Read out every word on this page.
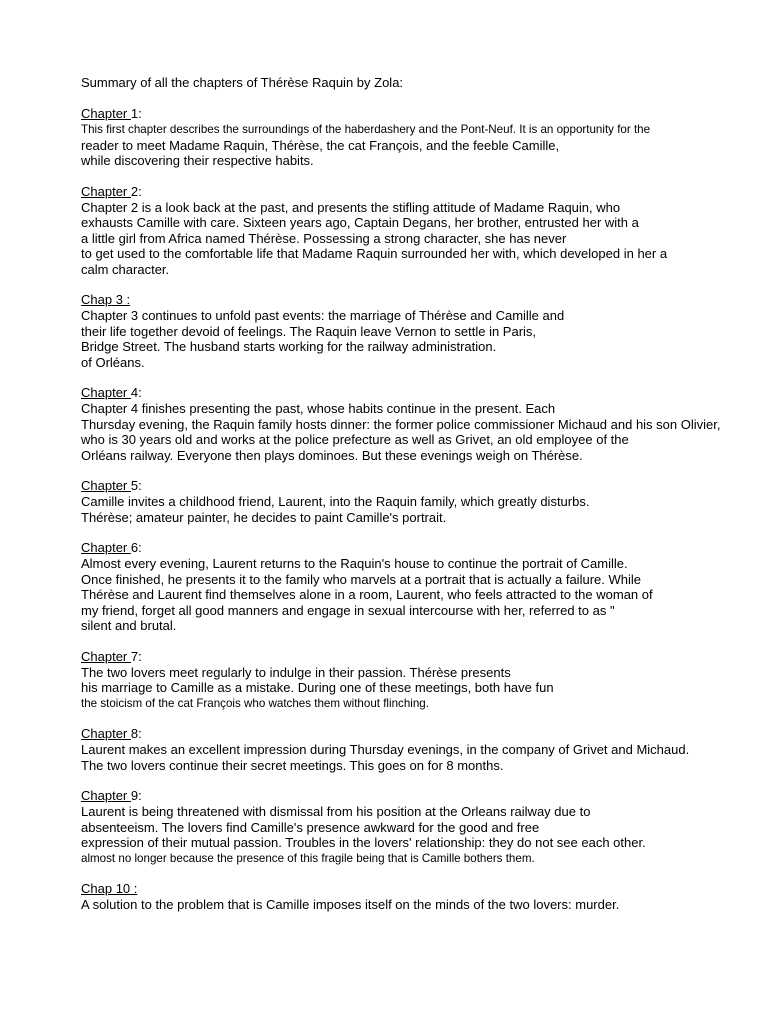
Summary of all the chapters of Thérèse Raquin by Zola:
Chapter 1:
This first chapter describes the surroundings of the haberdashery and the Pont-Neuf. It is an opportunity for the
reader to meet Madame Raquin, Thérèse, the cat François, and the feeble Camille,
while discovering their respective habits.
Chapter 2:
Chapter 2 is a look back at the past, and presents the stifling attitude of Madame Raquin, who
exhausts Camille with care. Sixteen years ago, Captain Degans, her brother, entrusted her with a
a little girl from Africa named Thérèse. Possessing a strong character, she has never
to get used to the comfortable life that Madame Raquin surrounded her with, which developed in her a
calm character.
Chap 3 :
Chapter 3 continues to unfold past events: the marriage of Thérèse and Camille and
their life together devoid of feelings. The Raquin leave Vernon to settle in Paris,
Bridge Street. The husband starts working for the railway administration.
of Orléans.
Chapter 4:
Chapter 4 finishes presenting the past, whose habits continue in the present. Each
Thursday evening, the Raquin family hosts dinner: the former police commissioner Michaud and his son Olivier,
who is 30 years old and works at the police prefecture as well as Grivet, an old employee of the
Orléans railway. Everyone then plays dominoes. But these evenings weigh on Thérèse.
Chapter 5:
Camille invites a childhood friend, Laurent, into the Raquin family, which greatly disturbs.
Thérèse; amateur painter, he decides to paint Camille's portrait.
Chapter 6:
Almost every evening, Laurent returns to the Raquin's house to continue the portrait of Camille.
Once finished, he presents it to the family who marvels at a portrait that is actually a failure. While
Thérèse and Laurent find themselves alone in a room, Laurent, who feels attracted to the woman of
my friend, forget all good manners and engage in sexual intercourse with her, referred to as "
silent and brutal.
Chapter 7:
The two lovers meet regularly to indulge in their passion. Thérèse presents
his marriage to Camille as a mistake. During one of these meetings, both have fun
the stoicism of the cat François who watches them without flinching.
Chapter 8:
Laurent makes an excellent impression during Thursday evenings, in the company of Grivet and Michaud.
The two lovers continue their secret meetings. This goes on for 8 months.
Chapter 9:
Laurent is being threatened with dismissal from his position at the Orleans railway due to
absenteeism. The lovers find Camille's presence awkward for the good and free
expression of their mutual passion. Troubles in the lovers' relationship: they do not see each other.
almost no longer because the presence of this fragile being that is Camille bothers them.
Chap 10 :
A solution to the problem that is Camille imposes itself on the minds of the two lovers: murder.
